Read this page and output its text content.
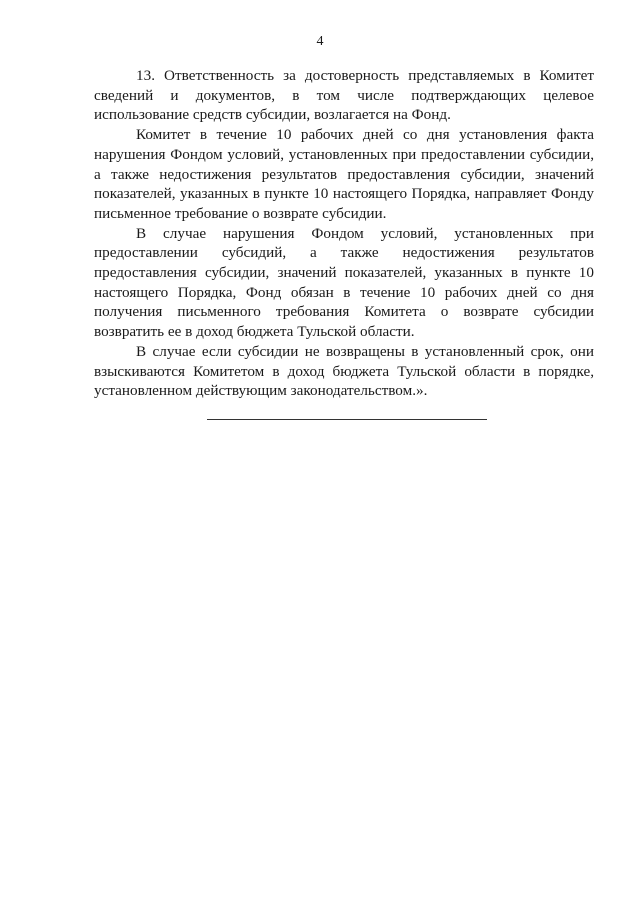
4

13. Ответственность за достоверность представляемых в Комитет сведений и документов, в том числе подтверждающих целевое использование средств субсидии, возлагается на Фонд.

Комитет в течение 10 рабочих дней со дня установления факта нарушения Фондом условий, установленных при предоставлении субсидии, а также недостижения результатов предоставления субсидии, значений показателей, указанных в пункте 10 настоящего Порядка, направляет Фонду письменное требование о возврате субсидии.

В случае нарушения Фондом условий, установленных при предоставлении субсидий, а также недостижения результатов предоставления субсидии, значений показателей, указанных в пункте 10 настоящего Порядка, Фонд обязан в течение 10 рабочих дней со дня получения письменного требования Комитета о возврате субсидии возвратить ее в доход бюджета Тульской области.

В случае если субсидии не возвращены в установленный срок, они взыскиваются Комитетом в доход бюджета Тульской области в порядке, установленном действующим законодательством.».
